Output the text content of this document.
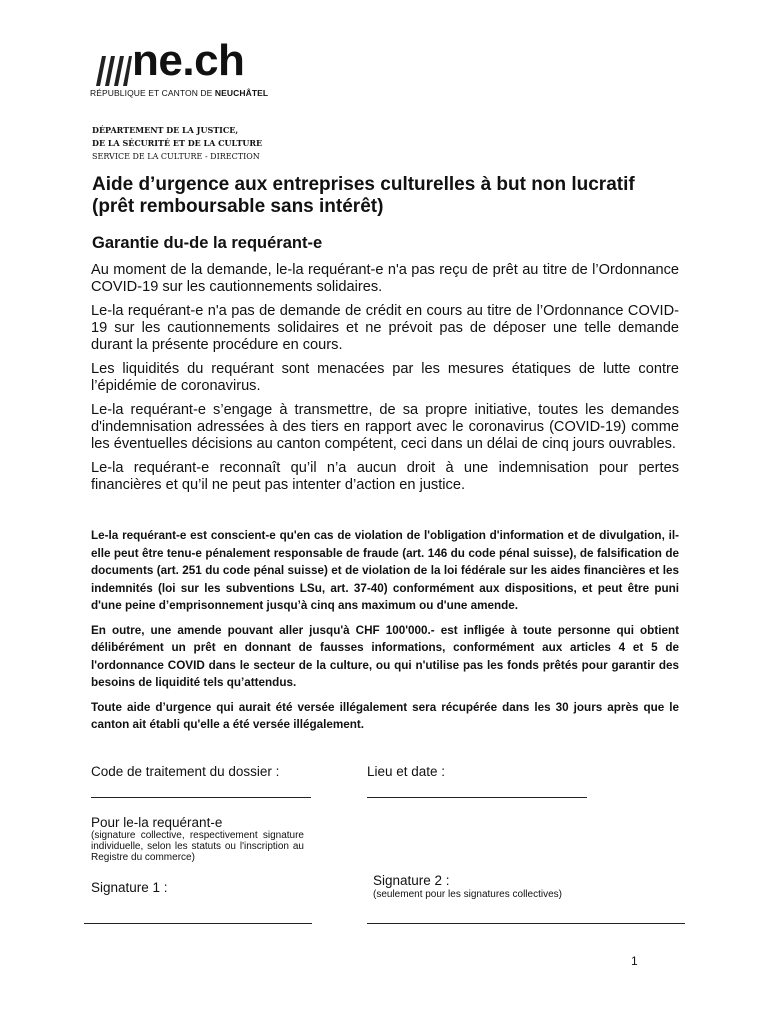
ne.ch
RÉPUBLIQUE ET CANTON DE NEUCHÂTEL
DÉPARTEMENT DE LA JUSTICE,
DE LA SÉCURITÉ ET DE LA CULTURE
SERVICE DE LA CULTURE - DIRECTION
Aide d’urgence aux entreprises culturelles à but non lucratif
(prêt remboursable sans intérêt)
Garantie du-de la requérant-e

Au moment de la demande, le-la requérant-e n'a pas reçu de prêt au titre de l’Ordonnance COVID-19 sur les cautionnements solidaires.

Le-la requérant-e n'a pas de demande de crédit en cours au titre de l’Ordonnance COVID-19 sur les cautionnements solidaires et ne prévoit pas de déposer une telle demande durant la présente procédure en cours.

Les liquidités du requérant sont menacées par les mesures étatiques de lutte contre l’épidémie de coronavirus.

Le-la requérant-e s’engage à transmettre, de sa propre initiative, toutes les demandes d'indemnisation adressées à des tiers en rapport avec le coronavirus (COVID-19) comme les éventuelles décisions au canton compétent, ceci dans un délai de cinq jours ouvrables.

Le-la requérant-e reconnaît qu’il n’a aucun droit à une indemnisation pour pertes financières et qu’il ne peut pas intenter d’action en justice.

Le-la requérant-e est conscient-e qu'en cas de violation de l'obligation d'information et de divulgation, il-elle peut être tenu-e pénalement responsable de fraude (art. 146 du code pénal suisse), de falsification de documents (art. 251 du code pénal suisse) et de violation de la loi fédérale sur les aides financières et les indemnités (loi sur les subventions LSu, art. 37-40) conformément aux dispositions, et peut être puni d'une peine d’emprisonnement jusqu’à cinq ans maximum ou d'une amende.

En outre, une amende pouvant aller jusqu'à CHF 100'000.- est infligée à toute personne qui obtient délibérément un prêt en donnant de fausses informations, conformément aux articles 4 et 5 de l'ordonnance COVID dans le secteur de la culture, ou qui n'utilise pas les fonds prêtés pour garantir des besoins de liquidité tels qu’attendus.

Toute aide d’urgence qui aurait été versée illégalement sera récupérée dans les 30 jours après que le canton ait établi qu'elle a été versée illégalement.

Code de traitement du dossier :	Lieu et date :
Pour le-la requérant-e
(signature collective, respectivement signature individuelle, selon les statuts ou l'inscription au Registre du commerce)
Signature 1 :	Signature 2 :
(seulement pour les signatures collectives)
1
